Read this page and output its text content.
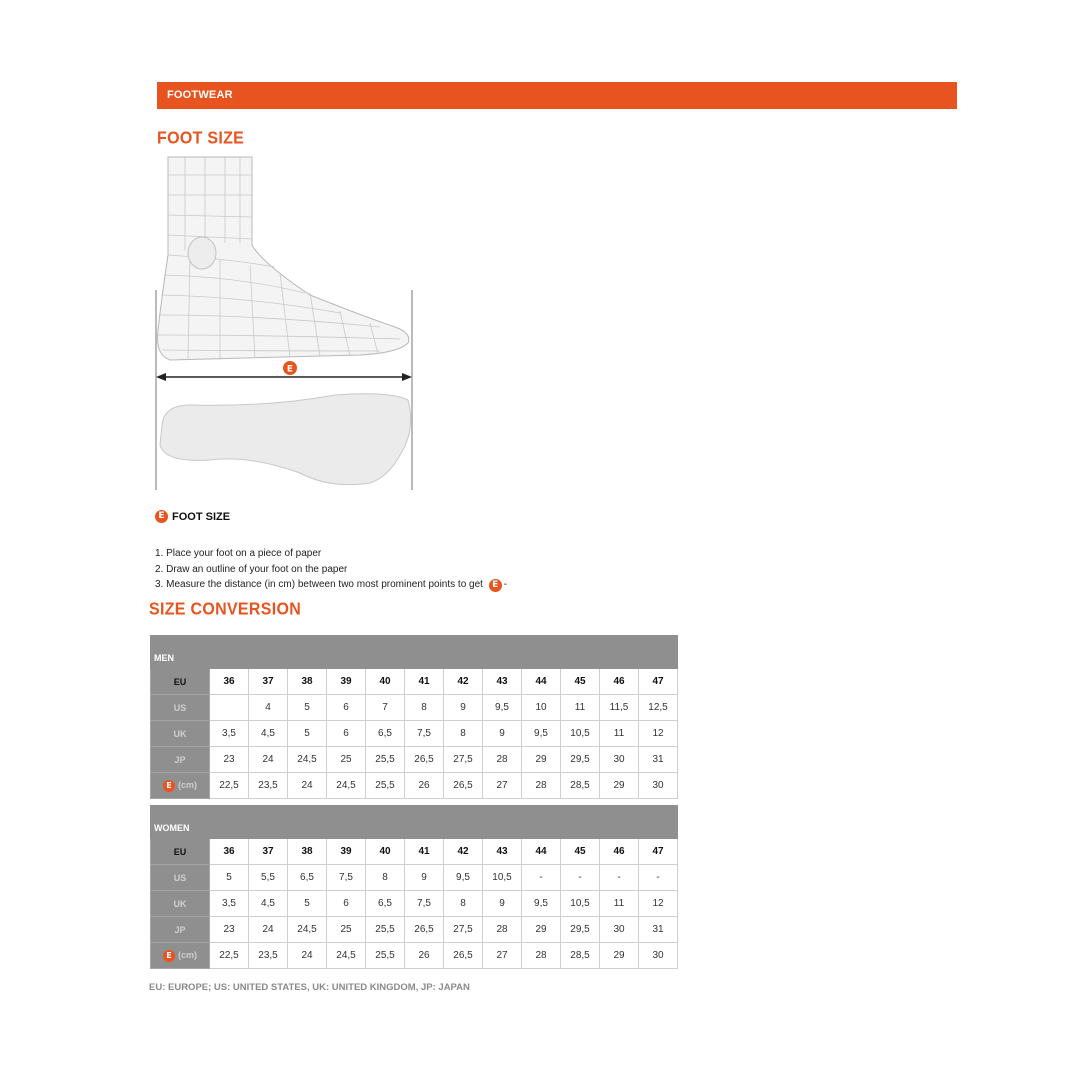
FOOTWEAR
FOOT SIZE
E
E FOOT SIZE
1. Place your foot on a piece of paper
2. Draw an outline of your foot on the paper
3. Measure the distance (in cm) between two most prominent points to get E -
SIZE CONVERSION
MEN												
EU	36	37	38	39	40	41	42	43	44	45	46	47
US		4	5	6	7	8	9	9,5	10	11	11,5	12,5
UK	3,5	4,5	5	6	6,5	7,5	8	9	9,5	10,5	11	12
JP	23	24	24,5	25	25,5	26,5	27,5	28	29	29,5	30	31
E (cm)	22,5	23,5	24	24,5	25,5	26	26,5	27	28	28,5	29	30
WOMEN												
EU	36	37	38	39	40	41	42	43	44	45	46	47
US	5	5,5	6,5	7,5	8	9	9,5	10,5	-	-	-	-
UK	3,5	4,5	5	6	6,5	7,5	8	9	9,5	10,5	11	12
JP	23	24	24,5	25	25,5	26,5	27,5	28	29	29,5	30	31
E (cm)	22,5	23,5	24	24,5	25,5	26	26,5	27	28	28,5	29	30
EU: EUROPE; US: UNITED STATES, UK: UNITED KINGDOM, JP: JAPAN
